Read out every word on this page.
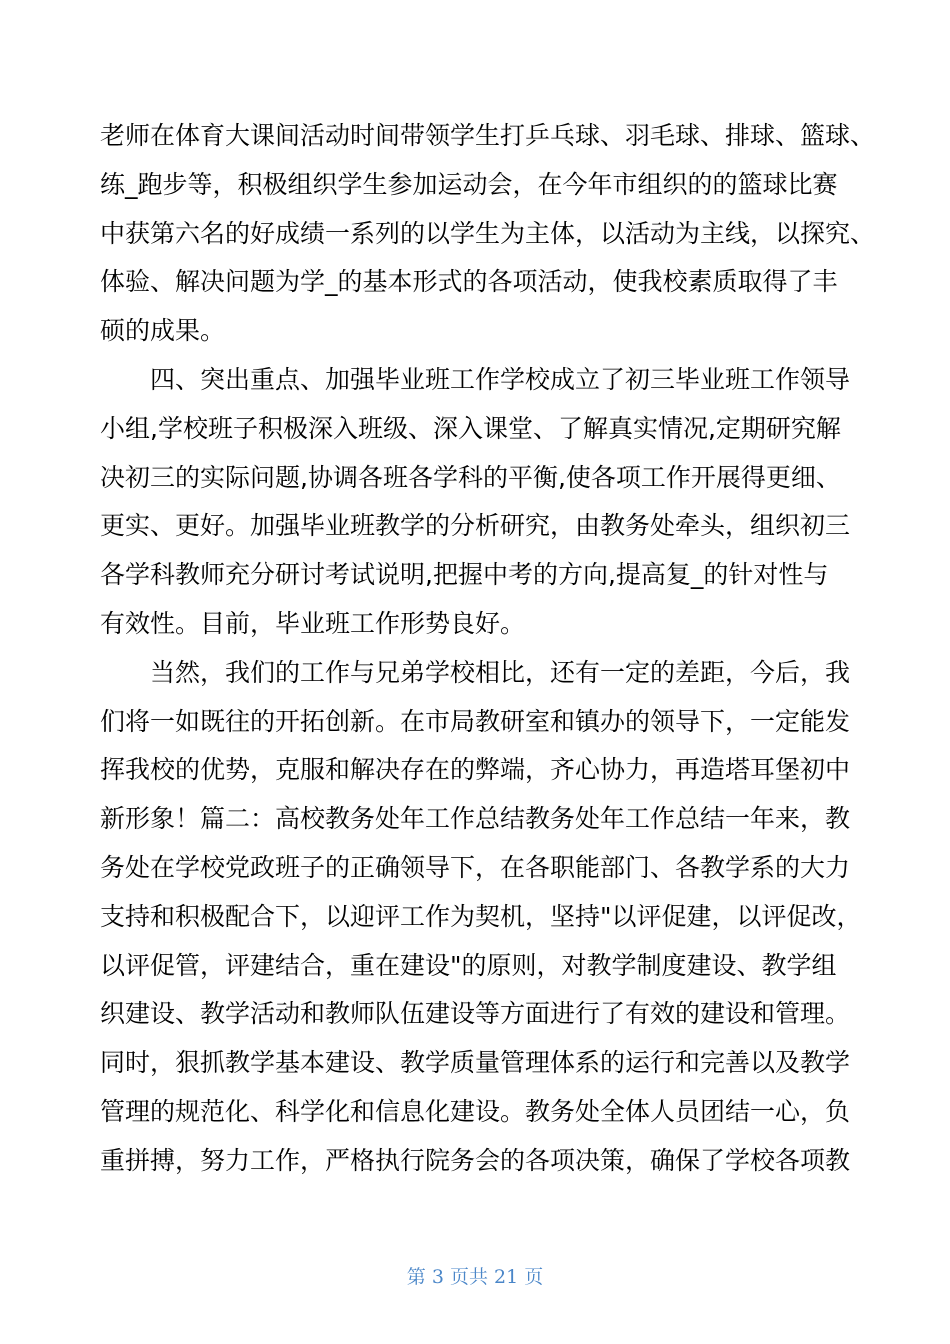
老师在体育大课间活动时间带领学生打乒乓球、羽毛球、排球、篮球、
练_跑步等，积极组织学生参加运动会，在今年市组织的的篮球比赛
中获第六名的好成绩一系列的以学生为主体，以活动为主线，以探究、
体验、解决问题为学_的基本形式的各项活动，使我校素质取得了丰
硕的成果。
四、突出重点、加强毕业班工作学校成立了初三毕业班工作领导
小组,学校班子积极深入班级、深入课堂、了解真实情况,定期研究解
决初三的实际问题,协调各班各学科的平衡,使各项工作开展得更细、
更实、更好。加强毕业班教学的分析研究，由教务处牵头，组织初三
各学科教师充分研讨考试说明,把握中考的方向,提高复_的针对性与
有效性。目前，毕业班工作形势良好。
当然，我们的工作与兄弟学校相比，还有一定的差距，今后，我
们将一如既往的开拓创新。在市局教研室和镇办的领导下，一定能发
挥我校的优势，克服和解决存在的弊端，齐心协力，再造塔耳堡初中
新形象！篇二：高校教务处年工作总结教务处年工作总结一年来，教
务处在学校党政班子的正确领导下，在各职能部门、各教学系的大力
支持和积极配合下，以迎评工作为契机，坚持"以评促建，以评促改，
以评促管，评建结合，重在建设"的原则，对教学制度建设、教学组
织建设、教学活动和教师队伍建设等方面进行了有效的建设和管理。
同时，狠抓教学基本建设、教学质量管理体系的运行和完善以及教学
管理的规范化、科学化和信息化建设。教务处全体人员团结一心，负
重拼搏，努力工作，严格执行院务会的各项决策，确保了学校各项教
第 3 页共 21 页
